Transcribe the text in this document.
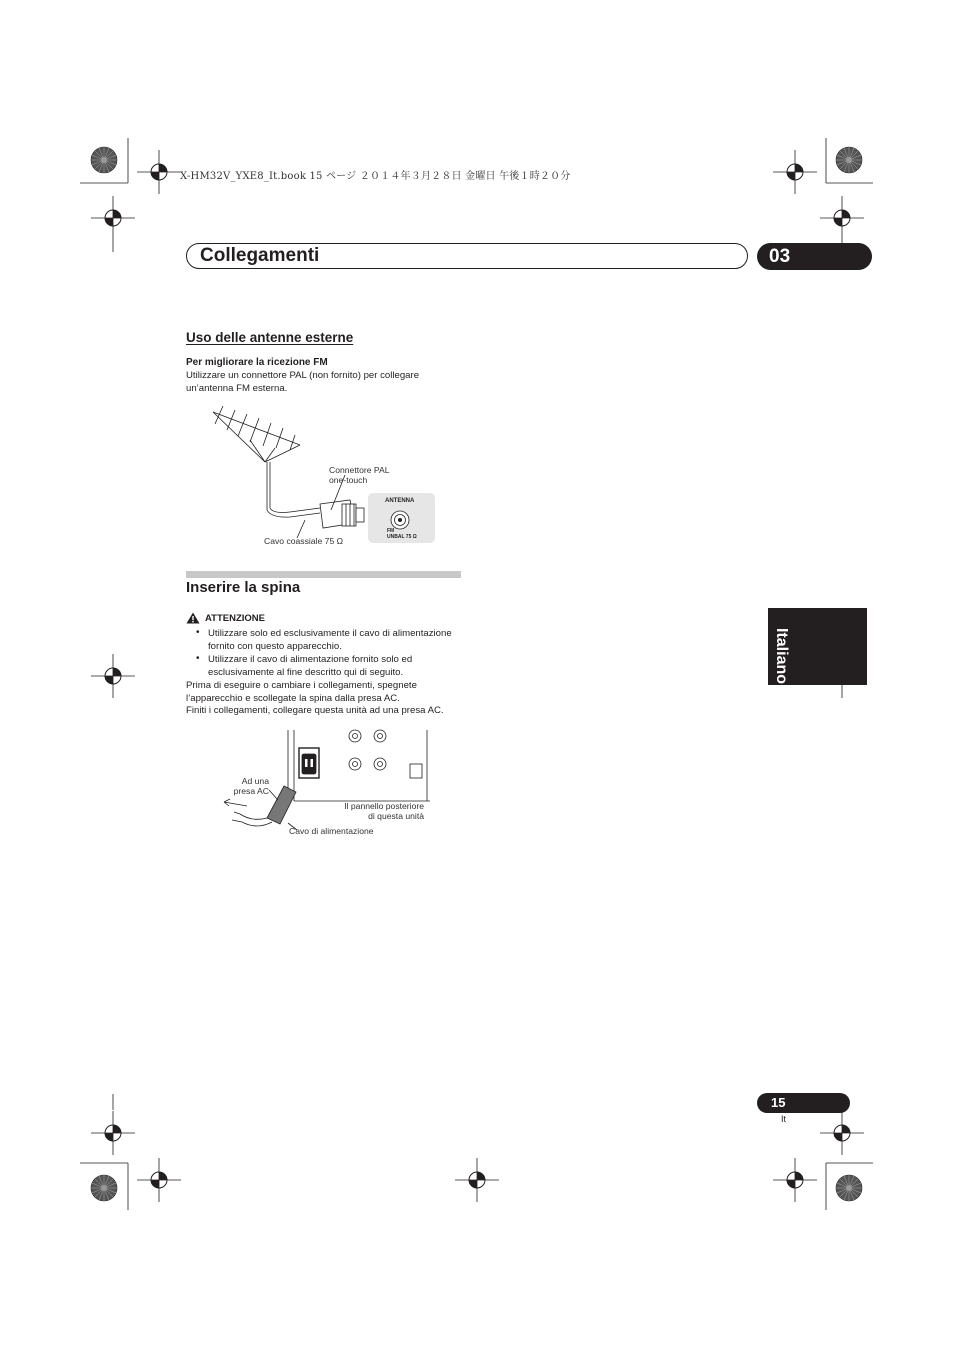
X-HM32V_YXE8_It.book 15 ページ ２０１４年３月２８日 金曜日 午後１時２０分
Collegamenti	03
Uso delle antenne esterne
Per migliorare la ricezione FM
Utilizzare un connettore PAL (non fornito) per collegare un’antenna FM esterna.
Connettore PAL
one-touch
Cavo coassiale 75 Ω
ANTENNA
FM
UNBAL 75 Ω
Inserire la spina
ATTENZIONE
• Utilizzare solo ed esclusivamente il cavo di alimentazione fornito con questo apparecchio.
• Utilizzare il cavo di alimentazione fornito solo ed esclusivamente al fine descritto qui di seguito.
Prima di eseguire o cambiare i collegamenti, spegnete l’apparecchio e scollegate la spina dalla presa AC.
Finiti i collegamenti, collegare questa unità ad una presa AC.
Ad una
presa AC
Il pannello posteriore
di questa unità
Cavo di alimentazione
Italiano
15
It
